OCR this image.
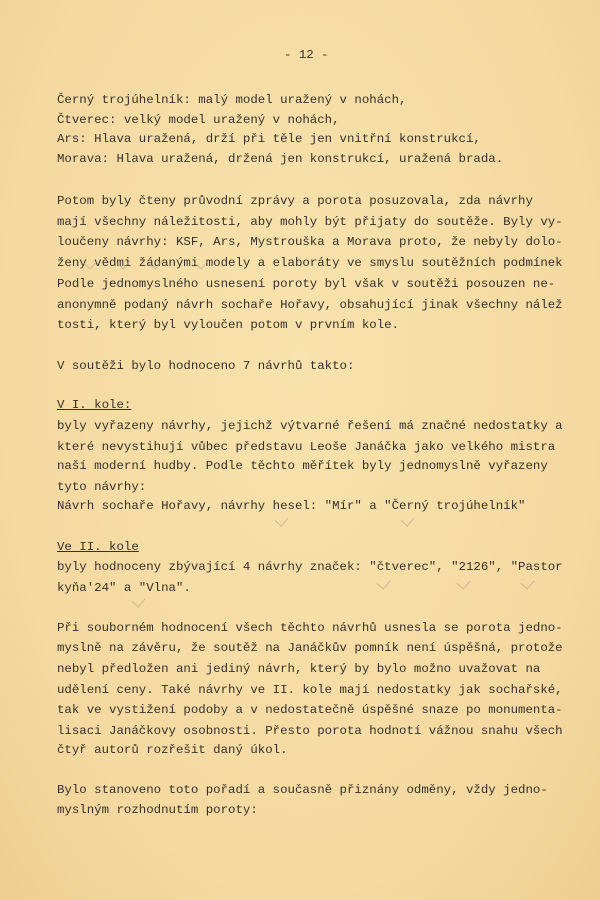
- 12 -
Černý trojúhelník: malý model uražený v nohách,
Čtverec: velký model uražený v nohách,
Ars: Hlava uražená, drží při těle jen vnitřní konstrukcí,
Morava: Hlava uražená, držená jen konstrukcí, uražená brada.
Potom byly čteny průvodní zprávy a porota posuzovala, zda návrhy
mají všechny náležitosti, aby mohly být přijaty do soutěže. Byly vy-
loučeny návrhy: KSF, Ars, Mystrouška a Morava proto, že nebyly dolo-
ženy vědmi žádanými modely a elaboráty ve smyslu soutěžních podmínek
Podle jednomyslného usnesení poroty byl však v soutěži posouzen ne-
anonymně podaný návrh sochaře Hořavy, obsahující jinak všechny nálež
tosti, který byl vyloučen potom v prvním kole.
V soutěži bylo hodnoceno 7 návrhů takto:
V I. kole:
byly vyřazeny návrhy, jejichž výtvarné řešení má značné nedostatky a
které nevystihují vůbec představu Leoše Janáčka jako velkého mistra
naší moderní hudby. Podle těchto měřítek byly jednomyslně vyřazeny
tyto návrhy:
Návrh sochaře Hořavy, návrhy hesel: "Mír" a "Černý trojúhelník"
Ve II. kole
byly hodnoceny zbývající 4 návrhy značek: "čtverec", "2126", "Pastor
kyňa'24" a "Vlna".
Při souborném hodnocení všech těchto návrhů usnesla se porota jedno-
myslně na závěru, že soutěž na Janáčkův pomník není úspěšná, protože
nebyl předložen ani jediný návrh, který by bylo možno uvažovat na
udělení ceny. Také návrhy ve II. kole mají nedostatky jak sochařské,
tak ve vystižení podoby a v nedostatečně úspěšné snaze po monumenta-
lisaci Janáčkovy osobnosti. Přesto porota hodnotí vážnou snahu všech
čtyř autorů rozřešit daný úkol.
Bylo stanoveno toto pořadí a současně přiznány odměny, vždy jedno-
myslným rozhodnutím poroty:
